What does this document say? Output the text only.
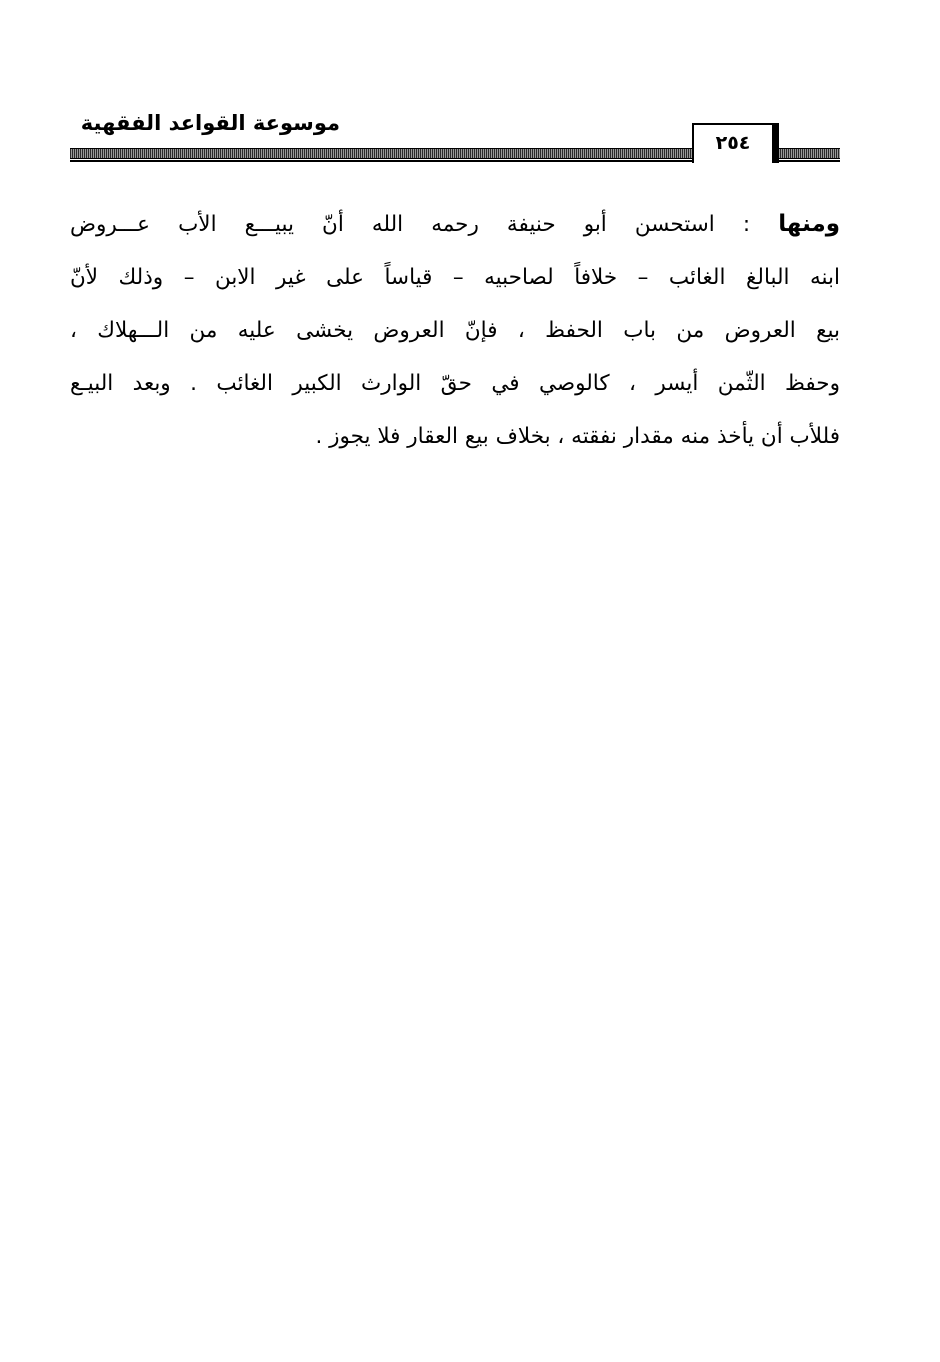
موسوعة القواعد الفقهية
٢٥٤
ومنها : استحسن أبو حنيفة رحمه الله أنّ يبيـــع الأب عـــروض
ابنه البالغ الغائب – خلافاً لصاحبيه – قياساً على غير الابن – وذلك لأنّ
بيع العروض من باب الحفظ ، فإنّ العروض يخشى عليه من الـــهلاك ،
وحفظ الثّمن أيسر ، كالوصي في حقّ الوارث الكبير الغائب . وبعد البيـع
فللأب أن يأخذ منه مقدار نفقته ، بخلاف بيع العقار فلا يجوز .
